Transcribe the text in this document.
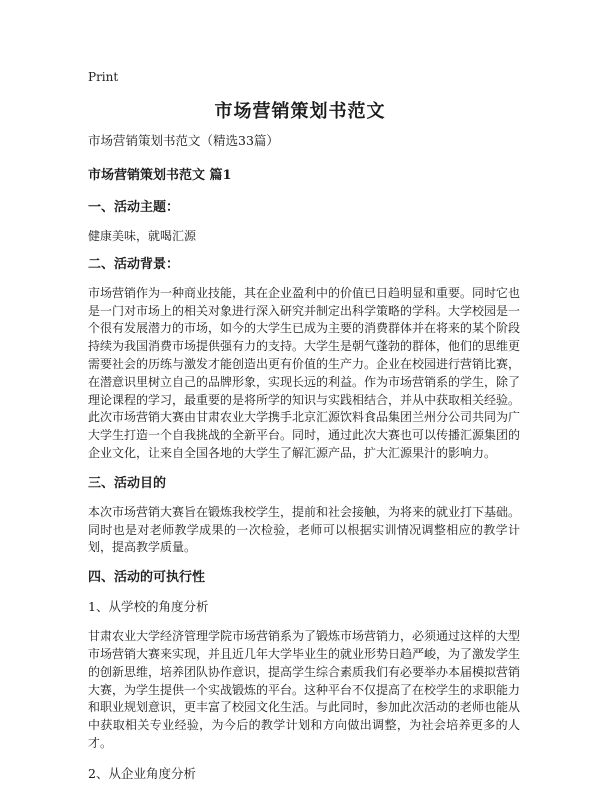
Print
市场营销策划书范文
市场营销策划书范文（精选33篇）
市场营销策划书范文 篇1
一、活动主题：
健康美味，就喝汇源
二、活动背景：
市场营销作为一种商业技能，其在企业盈利中的价值已日趋明显和重要。同时它也是一门对市场上的相关对象进行深入研究并制定出科学策略的学科。大学校园是一个很有发展潜力的市场，如今的大学生已成为主要的消费群体并在将来的某个阶段持续为我国消费市场提供强有力的支持。大学生是朝气蓬勃的群体，他们的思维更需要社会的历练与激发才能创造出更有价值的生产力。企业在校园进行营销比赛，在潜意识里树立自己的品牌形象，实现长远的利益。作为市场营销系的学生，除了理论课程的学习，最重要的是将所学的知识与实践相结合，并从中获取相关经验。此次市场营销大赛由甘肃农业大学携手北京汇源饮料食品集团兰州分公司共同为广大学生打造一个自我挑战的全新平台。同时，通过此次大赛也可以传播汇源集团的企业文化，让来自全国各地的大学生了解汇源产品，扩大汇源果汁的影响力。
三、活动目的
本次市场营销大赛旨在锻炼我校学生，提前和社会接触，为将来的就业打下基础。同时也是对老师教学成果的一次检验，老师可以根据实训情况调整相应的教学计划，提高教学质量。
四、活动的可执行性
1、从学校的角度分析
甘肃农业大学经济管理学院市场营销系为了锻炼市场营销力，必须通过这样的大型市场营销大赛来实现，并且近几年大学毕业生的就业形势日趋严峻，为了激发学生的创新思维，培养团队协作意识，提高学生综合素质我们有必要举办本届模拟营销大赛，为学生提供一个实战锻炼的平台。这种平台不仅提高了在校学生的求职能力和职业规划意识，更丰富了校园文化生活。与此同时，参加此次活动的老师也能从中获取相关专业经验，为今后的教学计划和方向做出调整，为社会培养更多的人才。
2、从企业角度分析
